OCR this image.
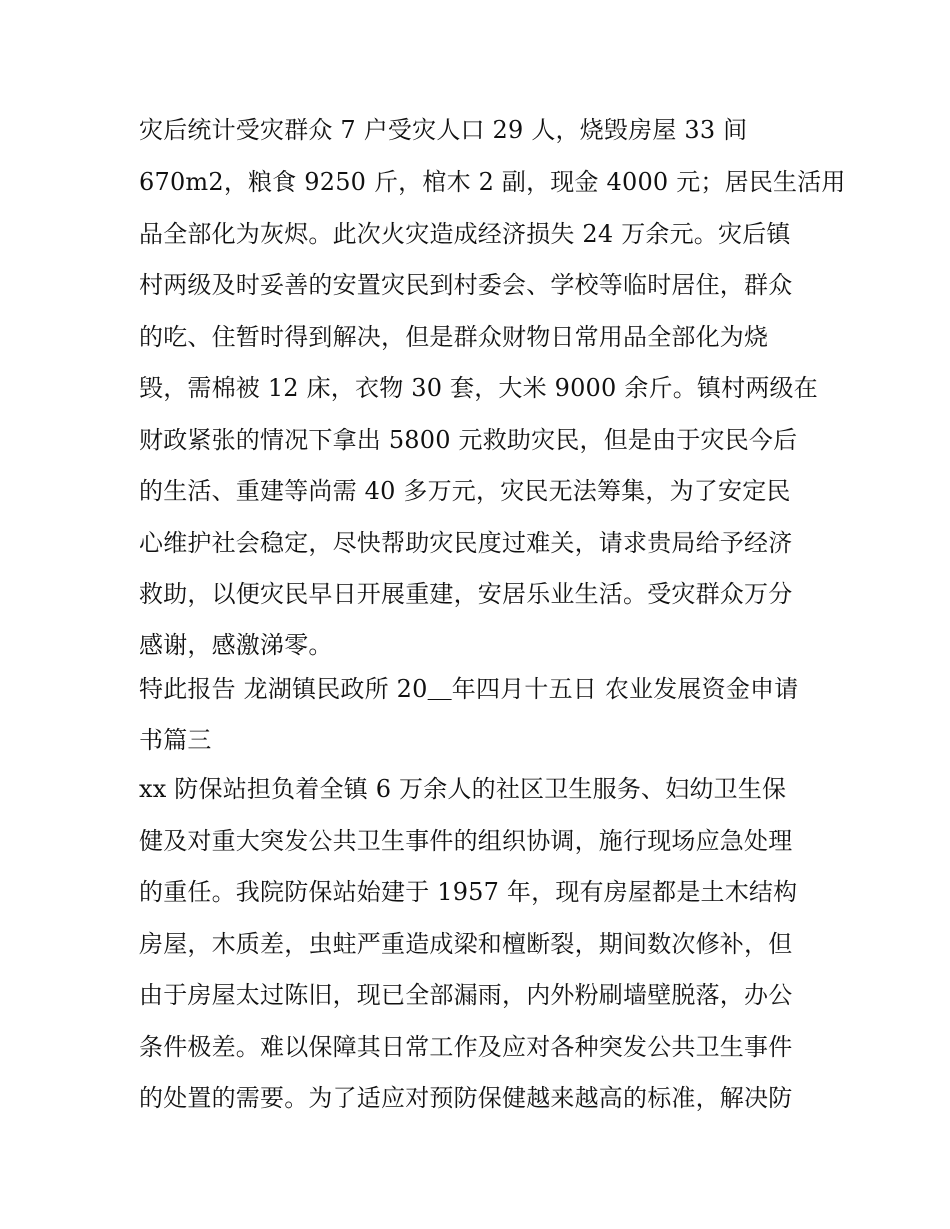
灾后统计受灾群众 7 户受灾人口 29 人，烧毁房屋 33 间
670m2，粮食 9250 斤，棺木 2 副，现金 4000 元；居民生活用
品全部化为灰烬。此次火灾造成经济损失 24 万余元。灾后镇
村两级及时妥善的安置灾民到村委会、学校等临时居住，群众
的吃、住暂时得到解决，但是群众财物日常用品全部化为烧
毁，需棉被 12 床，衣物 30 套，大米 9000 余斤。镇村两级在
财政紧张的情况下拿出 5800 元救助灾民，但是由于灾民今后
的生活、重建等尚需 40 多万元，灾民无法筹集，为了安定民
心维护社会稳定，尽快帮助灾民度过难关，请求贵局给予经济
救助，以便灾民早日开展重建，安居乐业生活。受灾群众万分
感谢，感激涕零。
特此报告 龙湖镇民政所 20＿年四月十五日 农业发展资金申请
书篇三
xx 防保站担负着全镇 6 万余人的社区卫生服务、妇幼卫生保
健及对重大突发公共卫生事件的组织协调，施行现场应急处理
的重任。我院防保站始建于 1957 年，现有房屋都是土木结构
房屋，木质差，虫蛀严重造成梁和檀断裂，期间数次修补，但
由于房屋太过陈旧，现已全部漏雨，内外粉刷墙壁脱落，办公
条件极差。难以保障其日常工作及应对各种突发公共卫生事件
的处置的需要。为了适应对预防保健越来越高的标准，解决防
